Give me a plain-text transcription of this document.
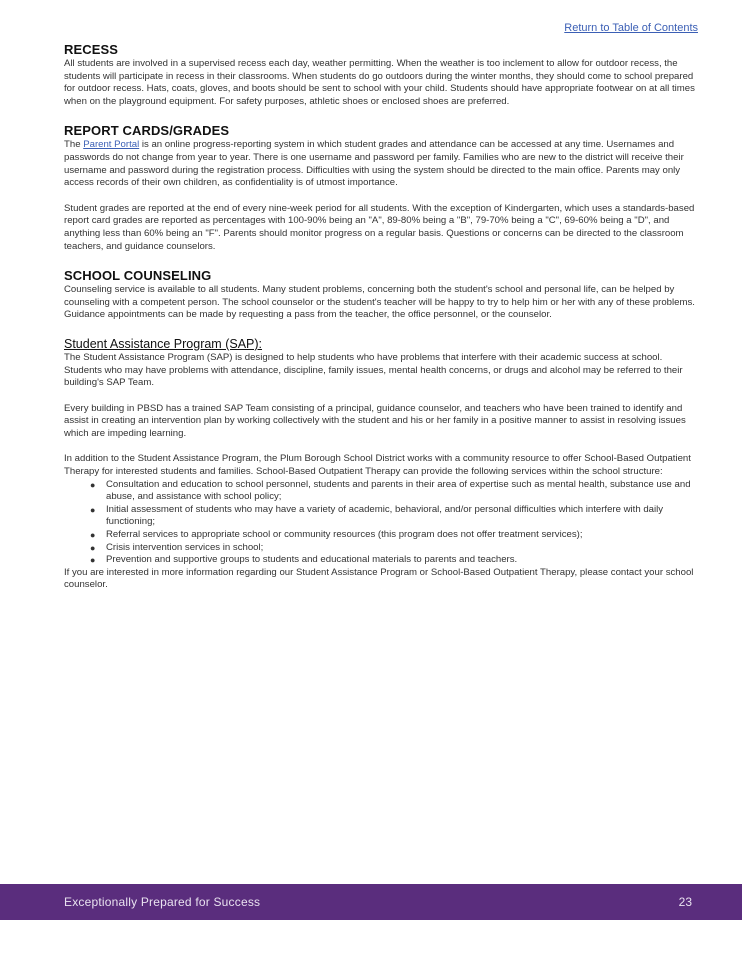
Return to Table of Contents
RECESS

All students are involved in a supervised recess each day, weather permitting. When the weather is too inclement to allow for outdoor recess, the students will participate in recess in their classrooms. When students do go outdoors during the winter months, they should come to school prepared for outdoor recess. Hats, coats, gloves, and boots should be sent to school with your child. Students should have appropriate footwear on at all times when on the playground equipment. For safety purposes, athletic shoes or enclosed shoes are preferred.

REPORT CARDS/GRADES

The Parent Portal is an online progress-reporting system in which student grades and attendance can be accessed at any time. Usernames and passwords do not change from year to year. There is one username and password per family. Families who are new to the district will receive their username and password during the registration process. Difficulties with using the system should be directed to the main office. Parents may only access records of their own children, as confidentiality is of utmost importance.

Student grades are reported at the end of every nine-week period for all students. With the exception of Kindergarten, which uses a standards-based report card grades are reported as percentages with 100-90% being an "A", 89-80% being a "B", 79-70% being a "C", 69-60% being a "D", and anything less than 60% being an "F". Parents should monitor progress on a regular basis. Questions or concerns can be directed to the classroom teachers, and guidance counselors.

SCHOOL COUNSELING

Counseling service is available to all students. Many student problems, concerning both the student's school and personal life, can be helped by counseling with a competent person. The school counselor or the student's teacher will be happy to try to help him or her with any of these problems. Guidance appointments can be made by requesting a pass from the teacher, the office personnel, or the counselor.

Student Assistance Program (SAP):

The Student Assistance Program (SAP) is designed to help students who have problems that interfere with their academic success at school. Students who may have problems with attendance, discipline, family issues, mental health concerns, or drugs and alcohol may be referred to their building's SAP Team.

Every building in PBSD has a trained SAP Team consisting of a principal, guidance counselor, and teachers who have been trained to identify and assist in creating an intervention plan by working collectively with the student and his or her family in a positive manner to assist in resolving issues which are impeding learning.

In addition to the Student Assistance Program, the Plum Borough School District works with a community resource to offer School-Based Outpatient Therapy for interested students and families. School-Based Outpatient Therapy can provide the following services within the school structure:

● Consultation and education to school personnel, students and parents in their area of expertise such as mental health, substance use and abuse, and assistance with school policy;
● Initial assessment of students who may have a variety of academic, behavioral, and/or personal difficulties which interfere with daily functioning;
● Referral services to appropriate school or community resources (this program does not offer treatment services);
● Crisis intervention services in school;
● Prevention and supportive groups to students and educational materials to parents and teachers.

If you are interested in more information regarding our Student Assistance Program or School-Based Outpatient Therapy, please contact your school counselor.

Exceptionally Prepared for Success	23
